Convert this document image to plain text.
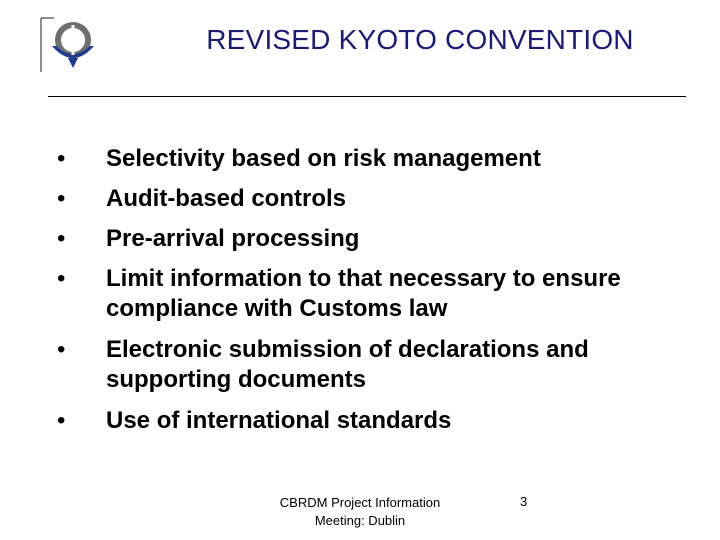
REVISED KYOTO CONVENTION
•	Selectivity based on risk management
•	Audit-based controls
•	Pre-arrival processing
•	Limit information to that necessary to ensure compliance with Customs law
•	Electronic submission of declarations and supporting documents
•	Use of international standards
CBRDM Project Information
Meeting: Dublin
3
